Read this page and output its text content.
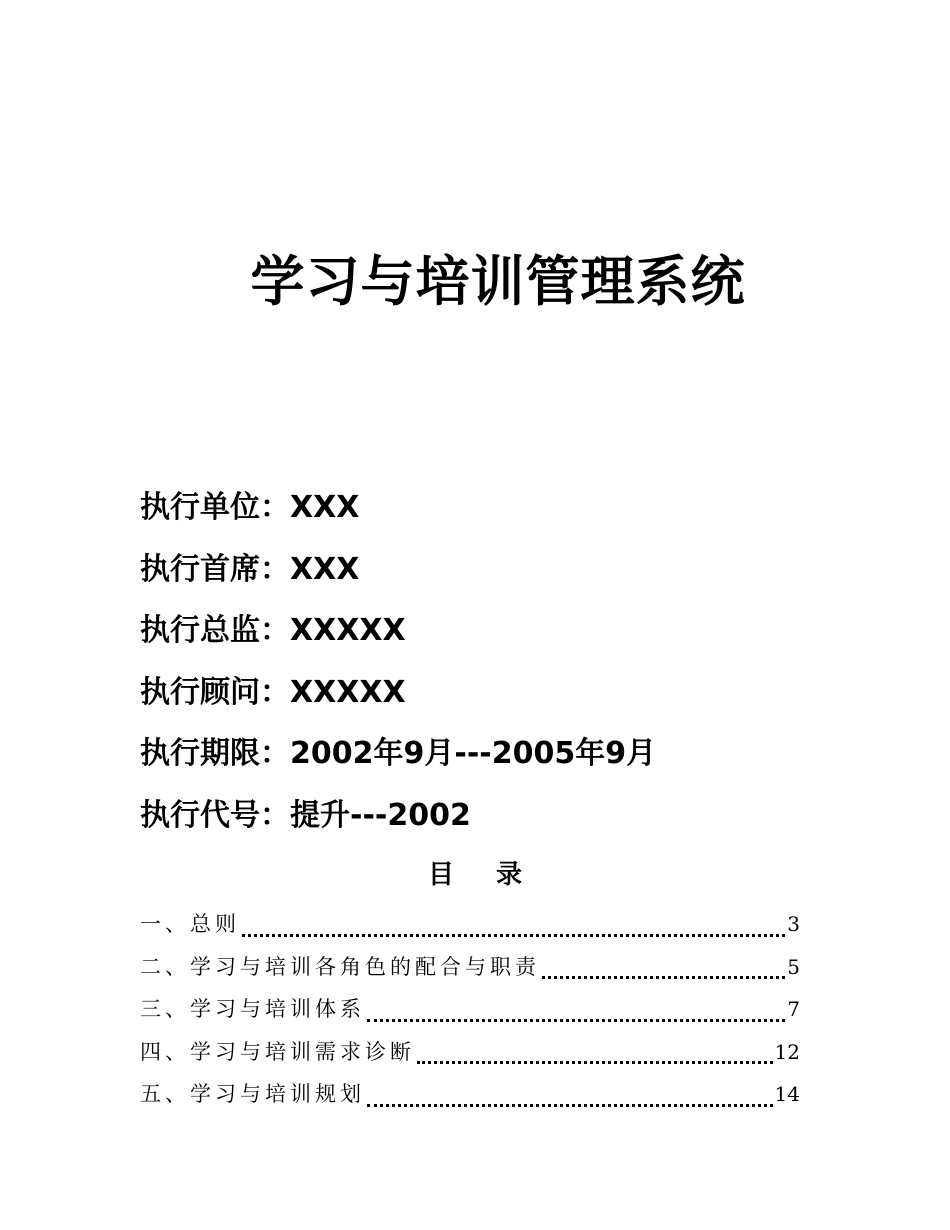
学习与培训管理系统
执行单位：XXX
执行首席：XXX
执行总监：XXXXX
执行顾问：XXXXX
执行期限：2002年9月---2005年9月
执行代号：提升---2002
目录
一、总则	3
二、学习与培训各角色的配合与职责	5
三、学习与培训体系	7
四、学习与培训需求诊断	12
五、学习与培训规划	14
